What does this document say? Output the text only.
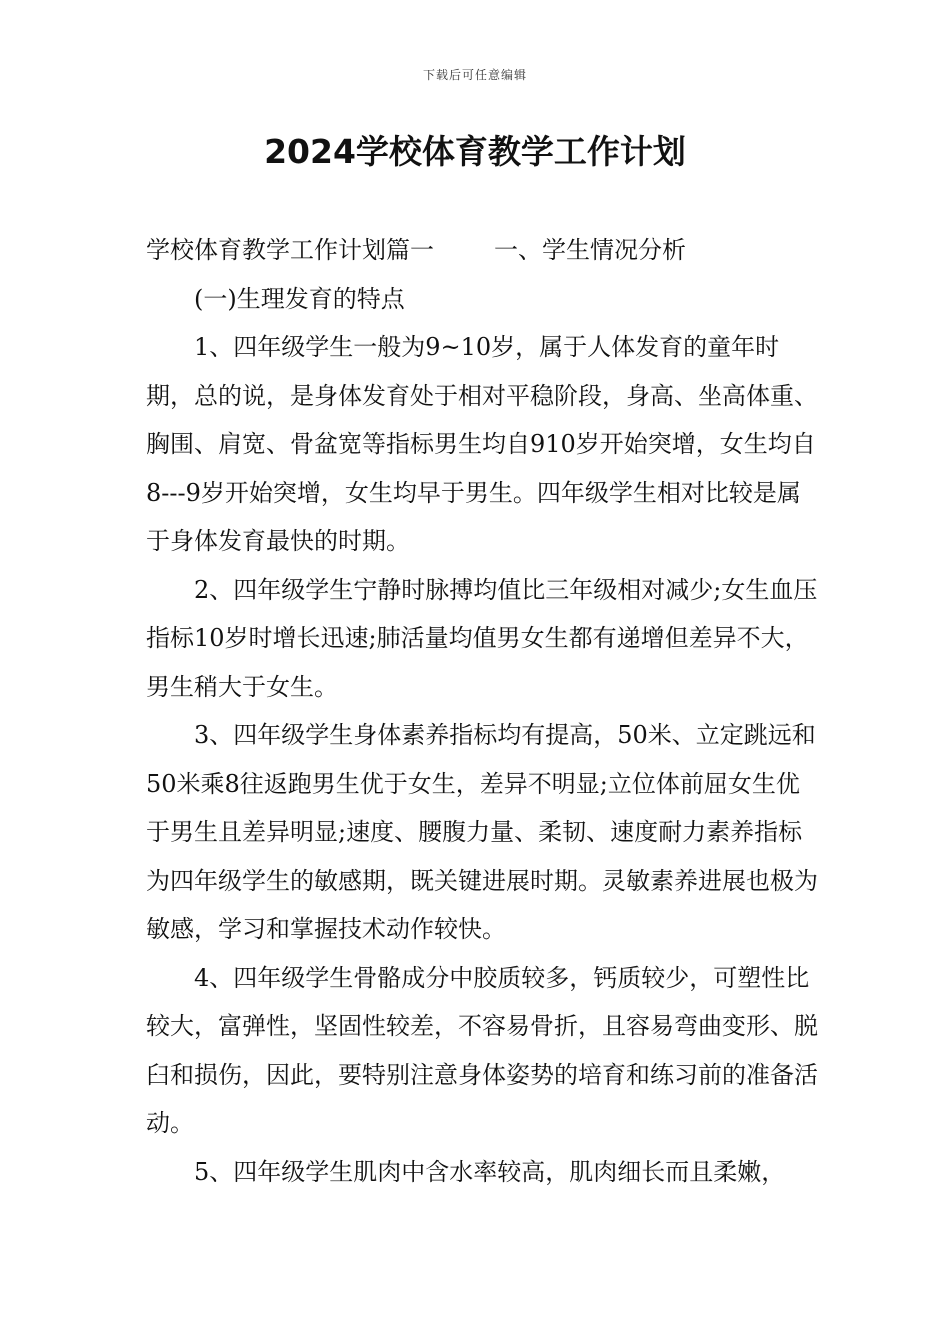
下载后可任意编辑
2024学校体育教学工作计划

学校体育教学工作计划篇一	一、学生情况分析

(一)生理发育的特点

1、四年级学生一般为9~10岁，属于人体发育的童年时期，总的说，是身体发育处于相对平稳阶段，身高、坐高体重、胸围、肩宽、骨盆宽等指标男生均自910岁开始突增，女生均自8---9岁开始突增，女生均早于男生。四年级学生相对比较是属于身体发育最快的时期。

2、四年级学生宁静时脉搏均值比三年级相对减少;女生血压指标10岁时增长迅速;肺活量均值男女生都有递增但差异不大，男生稍大于女生。

3、四年级学生身体素养指标均有提高，50米、立定跳远和50米乘8往返跑男生优于女生，差异不明显;立位体前屈女生优于男生且差异明显;速度、腰腹力量、柔韧、速度耐力素养指标为四年级学生的敏感期，既关键进展时期。灵敏素养进展也极为敏感，学习和掌握技术动作较快。

4、四年级学生骨骼成分中胶质较多，钙质较少，可塑性比较大，富弹性，坚固性较差，不容易骨折，且容易弯曲变形、脱臼和损伤，因此，要特别注意身体姿势的培育和练习前的准备活动。

5、四年级学生肌肉中含水率较高，肌肉细长而且柔嫩，
